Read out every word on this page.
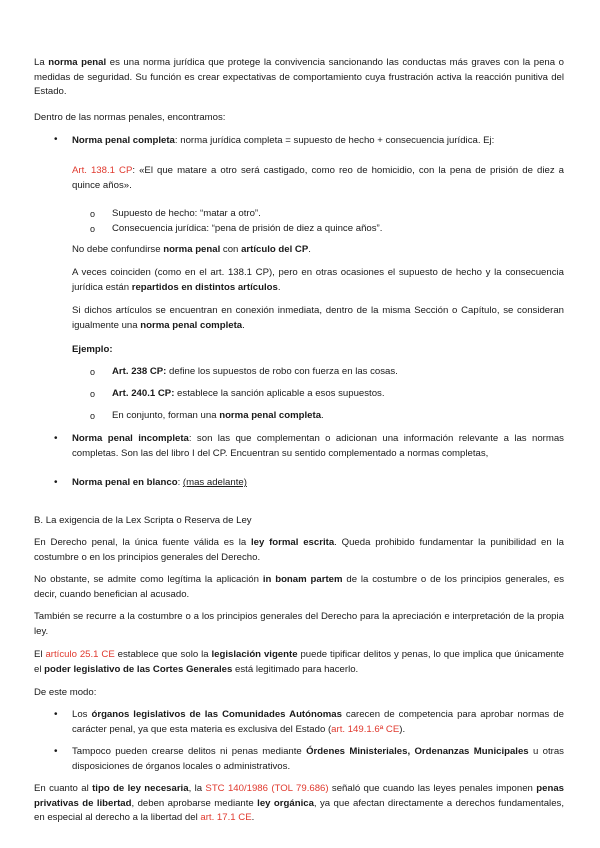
La norma penal es una norma jurídica que protege la convivencia sancionando las conductas más graves con la pena o medidas de seguridad. Su función es crear expectativas de comportamiento cuya frustración activa la reacción punitiva del Estado.

Dentro de las normas penales, encontramos:

• Norma penal completa: norma jurídica completa = supuesto de hecho + consecuencia jurídica. Ej:

Art. 138.1 CP: «El que matare a otro será castigado, como reo de homicidio, con la pena de prisión de diez a quince años».

o Supuesto de hecho: “matar a otro”.

o Consecuencia jurídica: “pena de prisión de diez a quince años”.

No debe confundirse norma penal con artículo del CP.

A veces coinciden (como en el art. 138.1 CP), pero en otras ocasiones el supuesto de hecho y la consecuencia jurídica están repartidos en distintos artículos.

Si dichos artículos se encuentran en conexión inmediata, dentro de la misma Sección o Capítulo, se consideran igualmente una norma penal completa.

Ejemplo:

o Art. 238 CP: define los supuestos de robo con fuerza en las cosas.

o Art. 240.1 CP: establece la sanción aplicable a esos supuestos.

o En conjunto, forman una norma penal completa.

• Norma penal incompleta: son las que complementan o adicionan una información relevante a las normas completas. Son las del libro I del CP. Encuentran su sentido complementado a normas completas,

• Norma penal en blanco: (mas adelante)

B. La exigencia de la Lex Scripta o Reserva de Ley

En Derecho penal, la única fuente válida es la ley formal escrita. Queda prohibido fundamentar la punibilidad en la costumbre o en los principios generales del Derecho.

No obstante, se admite como legítima la aplicación in bonam partem de la costumbre o de los principios generales, es decir, cuando benefician al acusado.

También se recurre a la costumbre o a los principios generales del Derecho para la apreciación e interpretación de la propia ley.

El artículo 25.1 CE establece que solo la legislación vigente puede tipificar delitos y penas, lo que implica que únicamente el poder legislativo de las Cortes Generales está legitimado para hacerlo.

De este modo:

• Los órganos legislativos de las Comunidades Autónomas carecen de competencia para aprobar normas de carácter penal, ya que esta materia es exclusiva del Estado (art. 149.1.6ª CE).

• Tampoco pueden crearse delitos ni penas mediante Órdenes Ministeriales, Ordenanzas Municipales u otras disposiciones de órganos locales o administrativos.

En cuanto al tipo de ley necesaria, la STC 140/1986 (TOL 79.686) señaló que cuando las leyes penales imponen penas privativas de libertad, deben aprobarse mediante ley orgánica, ya que afectan directamente a derechos fundamentales, en especial al derecho a la libertad del art. 17.1 CE.
